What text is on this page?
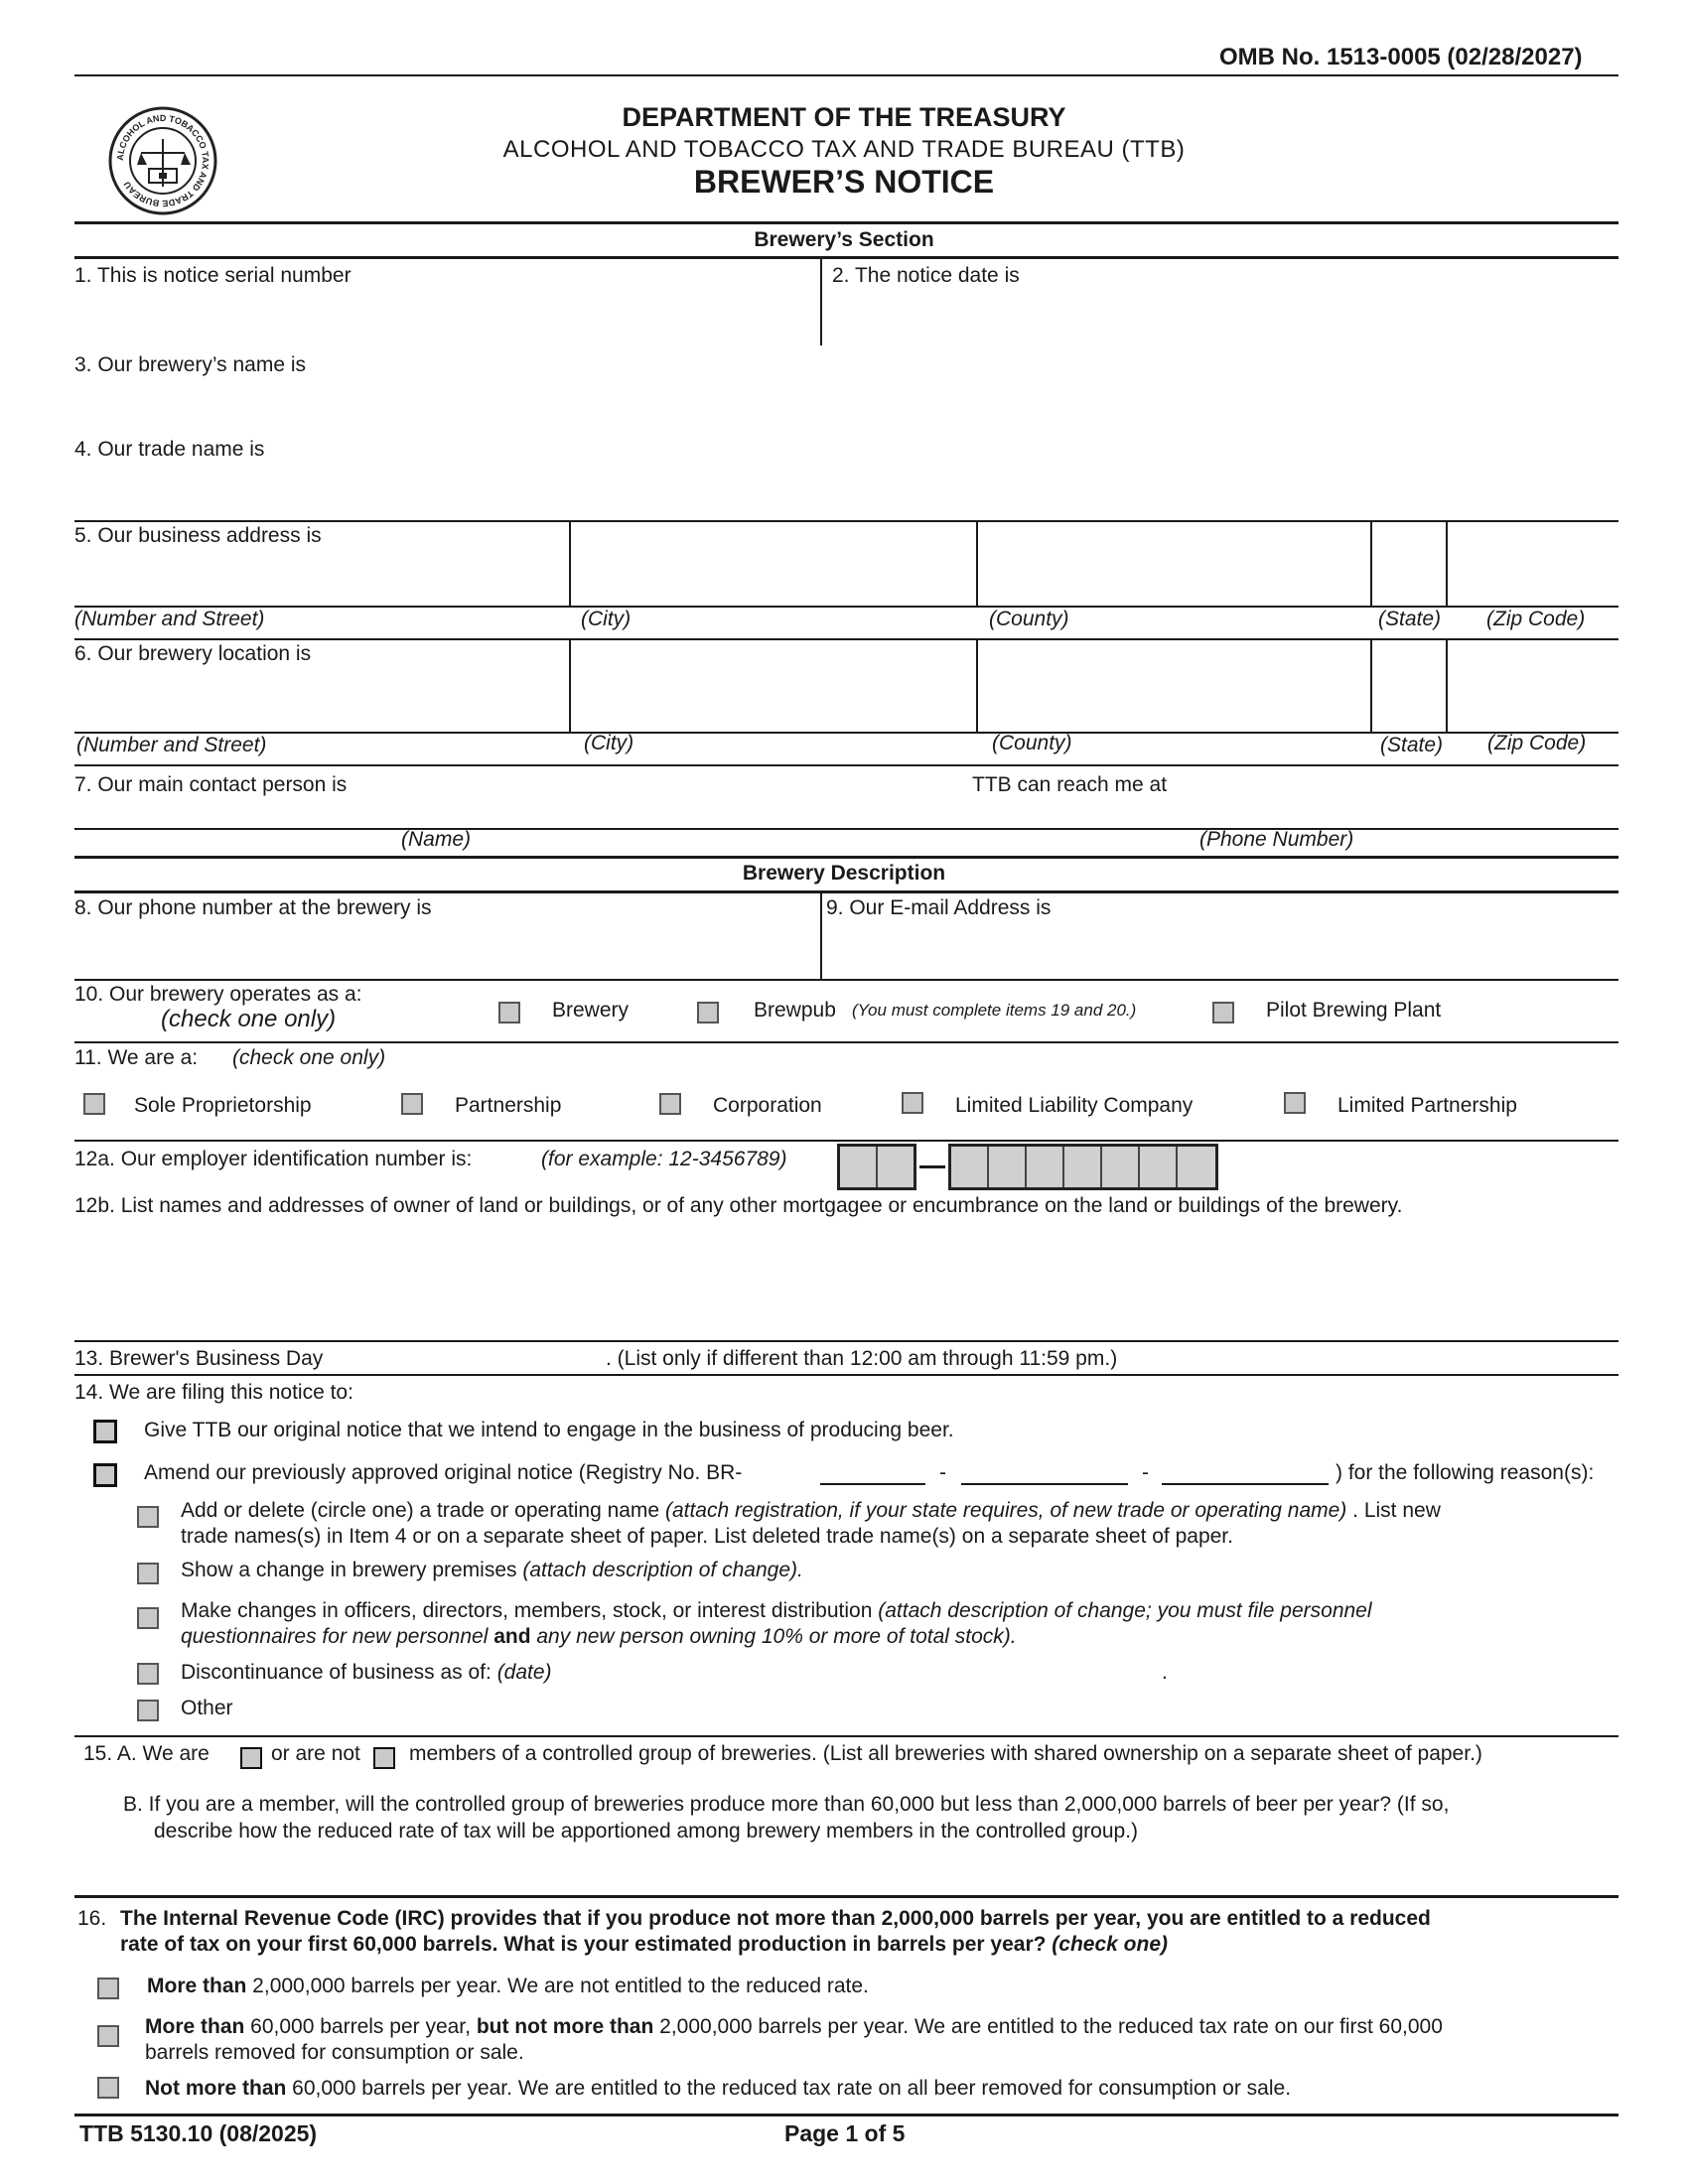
OMB No. 1513-0005 (02/28/2027)
ALCOHOL AND TOBACCO TAX AND TRADE BUREAU
DEPARTMENT OF THE TREASURY
ALCOHOL AND TOBACCO TAX AND TRADE BUREAU (TTB)
BREWER’S NOTICE
Brewery’s Section
1. This is notice serial number	2. The notice date is
3. Our brewery’s name is
4. Our trade name is
5. Our business address is
(Number and Street)	(City)	(County)	(State) (Zip Code)
6. Our brewery location is
(Number and Street)	(City)	(County)	(State) (Zip Code)
7. Our main contact person is	TTB can reach me at
(Name)	(Phone Number)
Brewery Description
8. Our phone number at the brewery is	9. Our E-mail Address is
10. Our brewery operates as a:
(check one only)	Brewery	Brewpub (You must complete items 19 and 20.)	Pilot Brewing Plant
11. We are a: (check one only)
Sole Proprietorship	Partnership	Corporation	Limited Liability Company	Limited Partnership
12a. Our employer identification number is:	(for example: 12-3456789)
12b. List names and addresses of owner of land or buildings, or of any other mortgagee or encumbrance on the land or buildings of the brewery.
13. Brewer's Business Day	. (List only if different than 12:00 am through 11:59 pm.)
14. We are filing this notice to:
Give TTB our original notice that we intend to engage in the business of producing beer.
Amend our previously approved original notice (Registry No. BR-	-	-	) for the following reason(s):
Add or delete (circle one) a trade or operating name (attach registration, if your state requires, of new trade or operating name) . List new
trade names(s) in Item 4 or on a separate sheet of paper. List deleted trade name(s) on a separate sheet of paper.
Show a change in brewery premises (attach description of change).
Make changes in officers, directors, members, stock, or interest distribution (attach description of change; you must file personnel
questionnaires for new personnel and any new person owning 10% or more of total stock).
Discontinuance of business as of: (date)	.
Other
15. A. We are	or are not members of a controlled group of breweries. (List all breweries with shared ownership on a separate sheet of paper.)
B. If you are a member, will the controlled group of breweries produce more than 60,000 but less than 2,000,000 barrels of beer per year? (If so,
describe how the reduced rate of tax will be apportioned among brewery members in the controlled group.)
16. The Internal Revenue Code (IRC) provides that if you produce not more than 2,000,000 barrels per year, you are entitled to a reduced
rate of tax on your first 60,000 barrels. What is your estimated production in barrels per year? (check one)
More than 2,000,000 barrels per year. We are not entitled to the reduced rate.
More than 60,000 barrels per year, but not more than 2,000,000 barrels per year. We are entitled to the reduced tax rate on our first 60,000
barrels removed for consumption or sale.
Not more than 60,000 barrels per year. We are entitled to the reduced tax rate on all beer removed for consumption or sale.
TTB 5130.10 (08/2025)	Page 1 of 5
